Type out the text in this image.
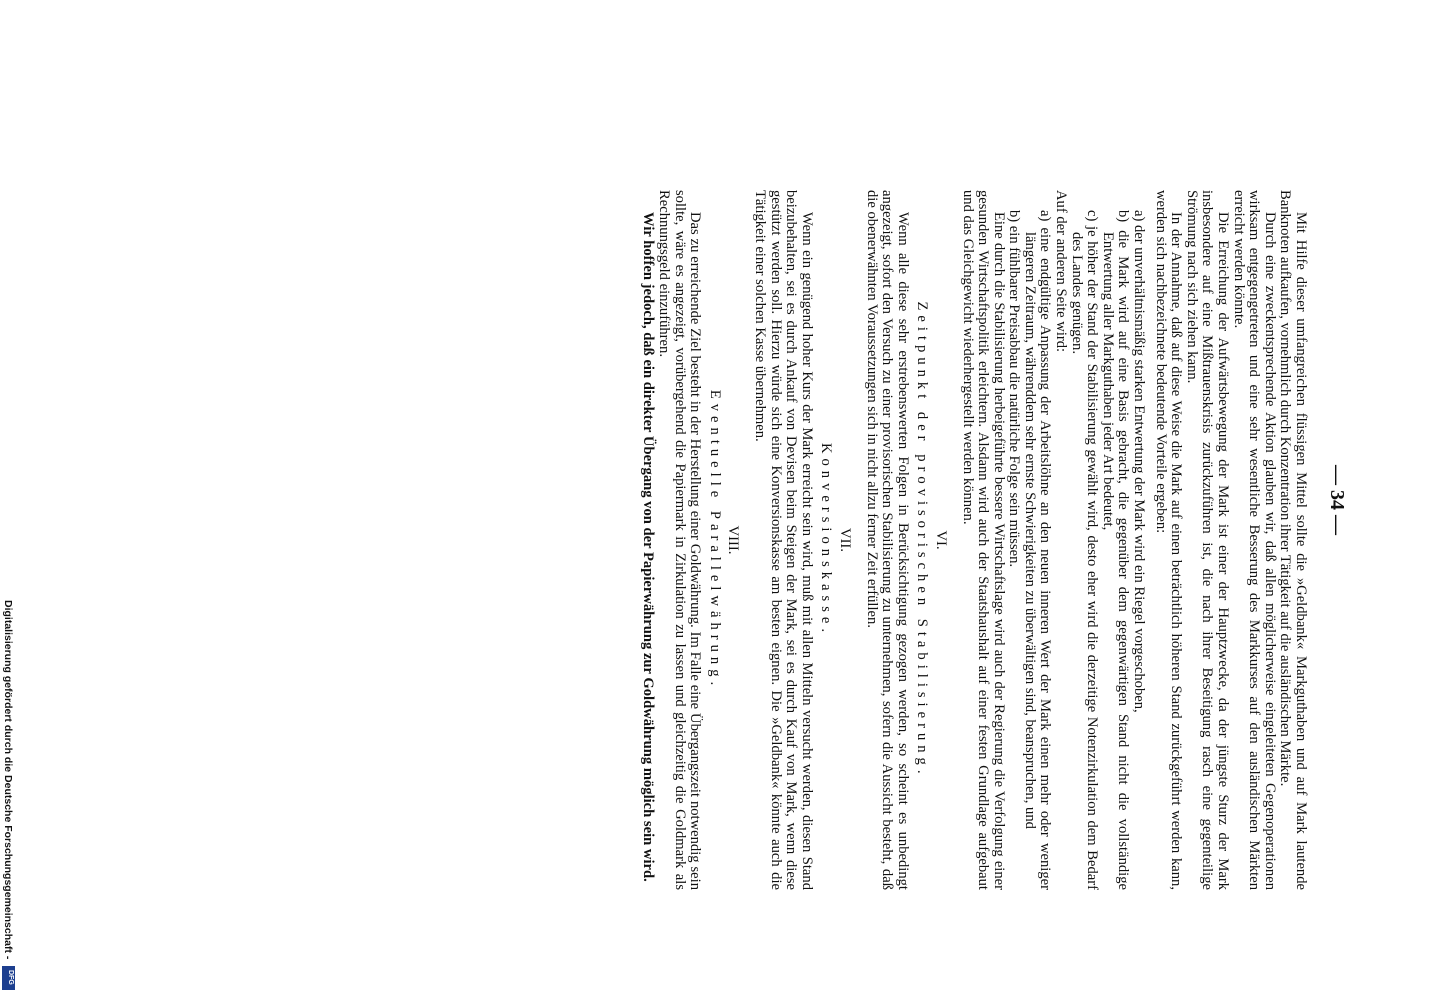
— 34 —

Mit Hilfe dieser umfangreichen flüssigen Mittel sollte die »Geldbank« Markguthaben und auf Mark lautende Banknoten aufkaufen, vornehmlich durch Konzentration ihrer Tätigkeit auf die ausländischen Märkte.

Durch eine zweckentsprechende Aktion glauben wir, daß allen möglicherweise eingeleiteten Gegenoperationen wirksam entgegengetreten und eine sehr wesentliche Besserung des Markkurses auf den ausländischen Märkten erreicht werden könnte.

Die Erreichung der Aufwärtsbewegung der Mark ist einer der Hauptzwecke, da der jüngste Sturz der Mark insbesondere auf eine Mißtrauenskrisis zurückzuführen ist, die nach ihrer Beseitigung rasch eine gegenteilige Strömung nach sich ziehen kann.

In der Annahme, daß auf diese Weise die Mark auf einen beträchtlich höheren Stand zurückgeführt werden kann, werden sich nachbezeichnete bedeutende Vorteile ergeben:

a) der unverhältnismäßig starken Entwertung der Mark wird ein Riegel vorgeschoben,

b) die Mark wird auf eine Basis gebracht, die gegenüber dem gegenwärtigen Stand nicht die vollständige Entwertung aller Markguthaben jeder Art bedeutet,

c) je höher der Stand der Stabilisierung gewählt wird, desto eher wird die derzeitige Notenzirkulation dem Bedarf des Landes genügen.

Auf der anderen Seite wird:

a) eine endgültige Anpassung der Arbeitslöhne an den neuen inneren Wert der Mark einen mehr oder weniger längeren Zeitraum, währenddem sehr ernste Schwierigkeiten zu überwältigen sind, beanspruchen, und

b) ein fühlbarer Preisabbau die natürliche Folge sein müssen.

Eine durch die Stabilisierung herbeigeführte bessere Wirtschaftslage wird auch der Regierung die Verfolgung einer gesunden Wirtschaftspolitik erleichtern. Alsdann wird auch der Staatshaushalt auf einer festen Grundlage aufgebaut und das Gleichgewicht wiederhergestellt werden können.

VI.
Zeitpunkt der provisorischen Stabilisierung.

Wenn alle diese sehr erstrebenswerten Folgen in Berücksichtigung gezogen werden, so scheint es unbedingt angezeigt, sofort den Versuch zu einer provisorischen Stabilisierung zu unternehmen, sofern die Aussicht besteht, daß die obenerwähnten Voraussetzungen sich in nicht allzu ferner Zeit erfüllen.

VII.
Konversionskasse.

Wenn ein genügend hoher Kurs der Mark erreicht sein wird, muß mit allen Mitteln versucht werden, diesen Stand beizubehalten, sei es durch Ankauf von Devisen beim Steigen der Mark, sei es durch Kauf von Mark, wenn diese gestützt werden soll. Hierzu würde sich eine Konversionskasse am besten eignen. Die »Geldbank« könnte auch die Tätigkeit einer solchen Kasse übernehmen.

VIII.
Eventuelle Parallelwährung.

Das zu erreichende Ziel besteht in der Herstellung einer Goldwährung. Im Falle eine Übergangszeit notwendig sein sollte, wäre es angezeigt, vorübergehend die Papiermark in Zirkulation zu lassen und gleichzeitig die Goldmark als Rechnungsgeld einzuführen.

Wir hoffen jedoch, daß ein direkter Übergang von der Papierwährung zur Goldwährung möglich sein wird.

Digitalisierung gefördert durch die Deutsche Forschungsgemeinschaft -
DFG
